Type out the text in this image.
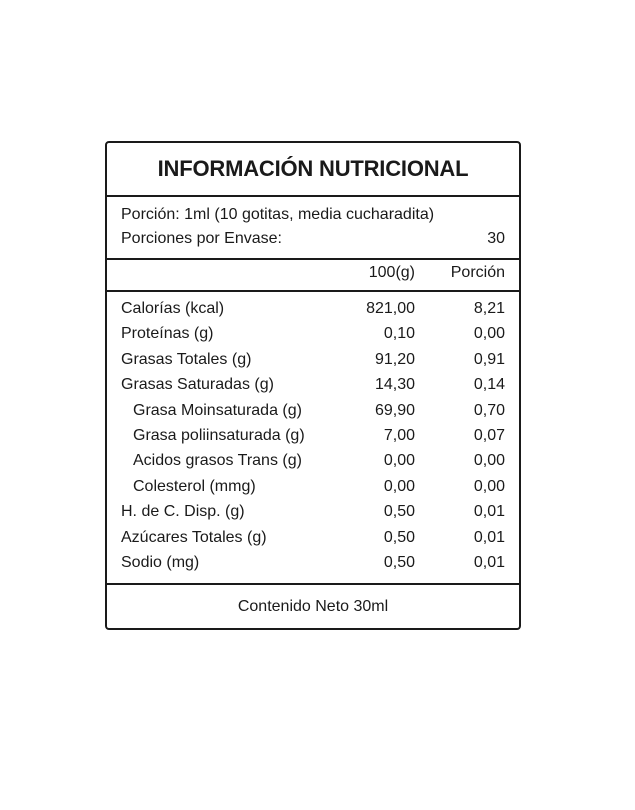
INFORMACIÓN NUTRICIONAL
Porción: 1ml (10 gotitas, media cucharadita)
Porciones por Envase:	30
100(g) Porción
Calorías (kcal)	821,00	8,21
Proteínas (g)	0,10	0,00
Grasas Totales (g)	91,20	0,91
Grasas Saturadas (g)	14,30	0,14
Grasa Moinsaturada (g)	69,90	0,70
Grasa poliinsaturada (g)	7,00	0,07
Acidos grasos Trans (g)	0,00	0,00
Colesterol (mmg)	0,00	0,00
H. de C. Disp. (g)	0,50	0,01
Azúcares Totales (g)	0,50	0,01
Sodio (mg)	0,50	0,01
Contenido Neto 30ml
